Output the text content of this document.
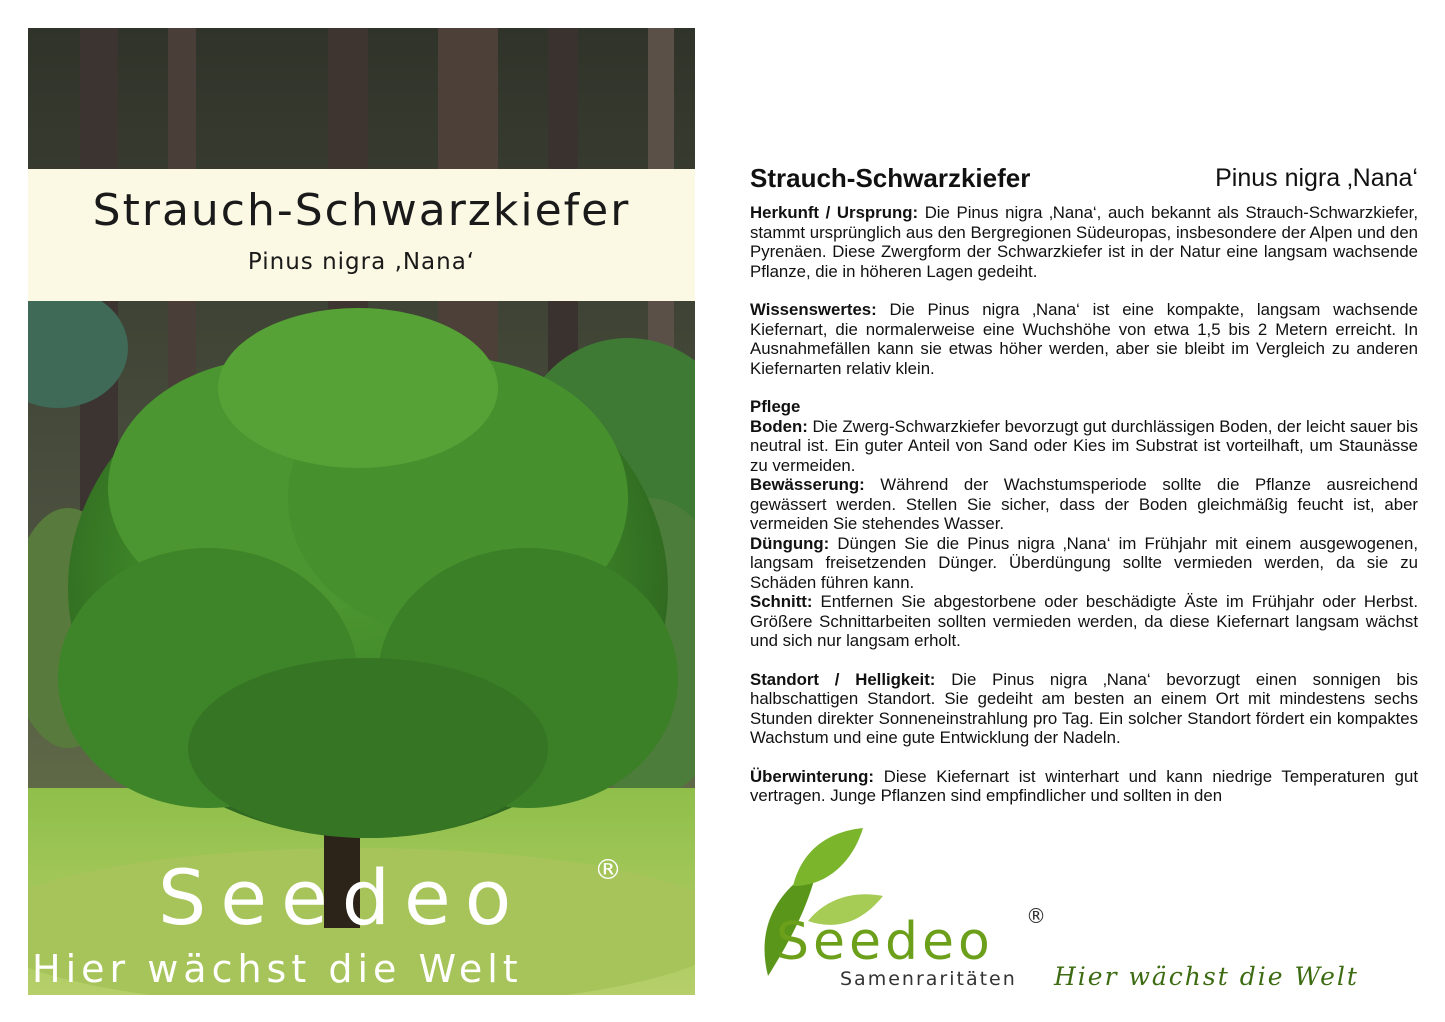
Strauch-Schwarzkiefer
Pinus nigra ‚Nana‘
Seedeo ®
Hier wächst die Welt
Strauch-Schwarzkiefer	Pinus nigra ‚Nana‘

Herkunft / Ursprung: Die Pinus nigra ‚Nana‘, auch bekannt als Strauch-Schwarzkiefer, stammt ursprünglich aus den Bergregionen Südeuropas, insbesondere der Alpen und den Pyrenäen. Diese Zwergform der Schwarzkiefer ist in der Natur eine langsam wachsende Pflanze, die in höheren Lagen gedeiht.

Wissenswertes: Die Pinus nigra ‚Nana‘ ist eine kompakte, langsam wachsende Kiefernart, die normalerweise eine Wuchshöhe von etwa 1,5 bis 2 Metern erreicht. In Ausnahmefällen kann sie etwas höher werden, aber sie bleibt im Vergleich zu anderen Kiefernarten relativ klein.

Pflege

Boden: Die Zwerg-Schwarzkiefer bevorzugt gut durchlässigen Boden, der leicht sauer bis neutral ist. Ein guter Anteil von Sand oder Kies im Substrat ist vorteilhaft, um Staunässe zu vermeiden.

Bewässerung: Während der Wachstumsperiode sollte die Pflanze ausreichend gewässert werden. Stellen Sie sicher, dass der Boden gleichmäßig feucht ist, aber vermeiden Sie stehendes Wasser.

Düngung: Düngen Sie die Pinus nigra ‚Nana‘ im Frühjahr mit einem ausgewogenen, langsam freisetzenden Dünger. Überdüngung sollte vermieden werden, da sie zu Schäden führen kann.

Schnitt: Entfernen Sie abgestorbene oder beschädigte Äste im Frühjahr oder Herbst. Größere Schnittarbeiten sollten vermieden werden, da diese Kiefernart langsam wächst und sich nur langsam erholt.

Standort / Helligkeit: Die Pinus nigra ‚Nana‘ bevorzugt einen sonnigen bis halbschattigen Standort. Sie gedeiht am besten an einem Ort mit mindestens sechs Stunden direkter Sonneneinstrahlung pro Tag. Ein solcher Standort fördert ein kompaktes Wachstum und eine gute Entwicklung der Nadeln.

Überwinterung: Diese Kiefernart ist winterhart und kann niedrige Temperaturen gut vertragen. Junge Pflanzen sind empfindlicher und sollten in den

Seedeo ®
Samenraritäten Hier wächst die Welt
